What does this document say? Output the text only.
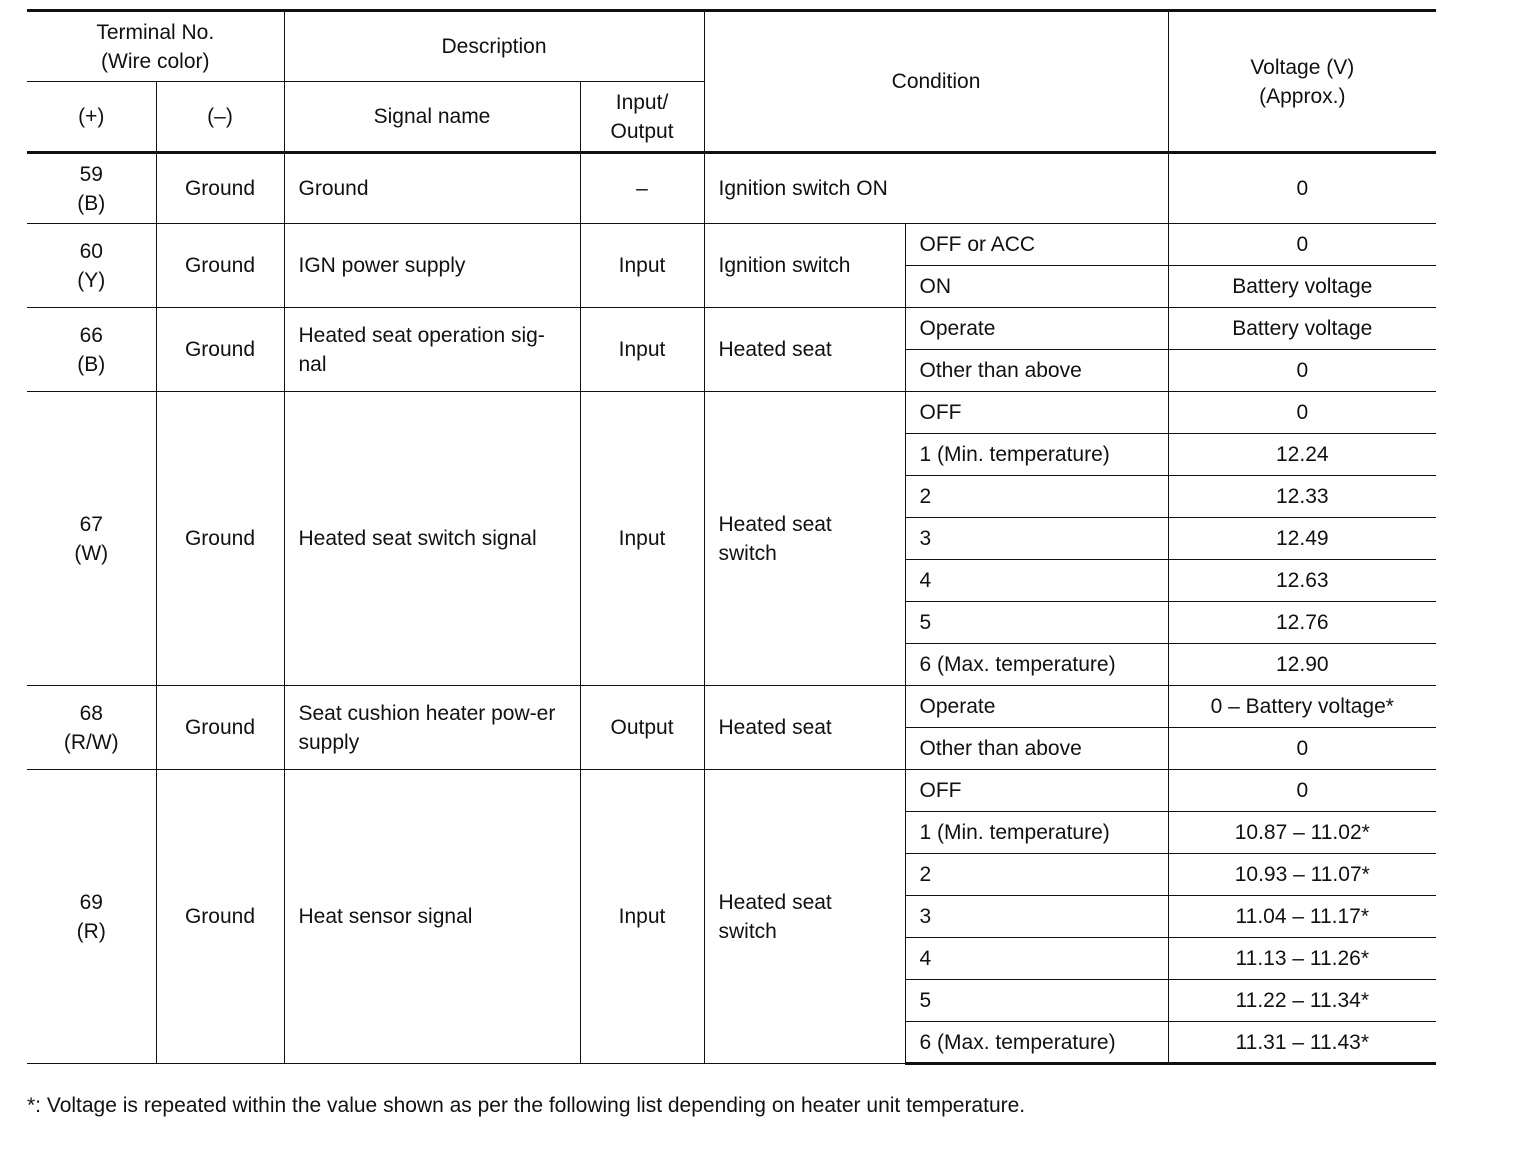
Terminal No.
(Wire color)		Description		Condition		Voltage (V)
(Approx.)

(+)	(–)	Signal name	Input/
Output			

59
(B)	Ground	Ground	–	Ignition switch ON		0

60
(Y)	Ground	IGN power supply	Input	Ignition switch	OFF or ACC	0
					ON	Battery voltage

66
(B)	Ground	Heated seat operation sig-nal	Input	Heated seat	Operate	Battery voltage
					Other than above	0

67
(W)	Ground	Heated seat switch signal	Input	Heated seat switch	OFF	0
					1 (Min. temperature)	12.24
					2	12.33
					3	12.49
					4	12.63
					5	12.76
					6 (Max. temperature)	12.90

68
(R/W)	Ground	Seat cushion heater pow-er supply	Output	Heated seat	Operate	0 – Battery voltage*
					Other than above	0

69
(R)	Ground	Heat sensor signal	Input	Heated seat switch	OFF	0
					1 (Min. temperature)	10.87 – 11.02*
					2	10.93 – 11.07*
					3	11.04 – 11.17*
					4	11.13 – 11.26*
					5	11.22 – 11.34*
					6 (Max. temperature)	11.31 – 11.43*
*: Voltage is repeated within the value shown as per the following list depending on heater unit temperature.
